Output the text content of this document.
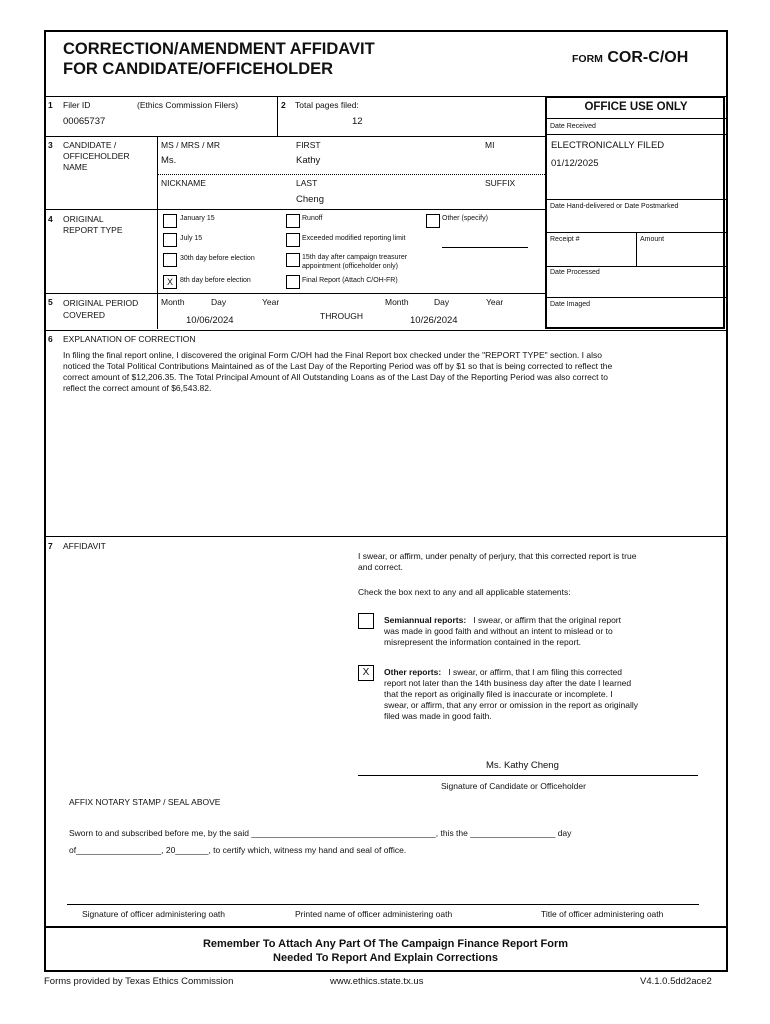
CORRECTION/AMENDMENT AFFIDAVIT
FOR CANDIDATE/OFFICEHOLDER
FORM COR-C/OH
1 Filer ID	(Ethics Commission Filers)
00065737
2 Total pages filed:
12
OFFICE USE ONLY
Date Received
ELECTRONICALLY FILED
01/12/2025
Date Hand-delivered or Date Postmarked
Receipt #	Amount
Date Processed
Date Imaged
3 CANDIDATE /
OFFICEHOLDER
NAME
MS / MRS / MR
Ms.
FIRST
Kathy
MI
NICKNAME	LAST
Cheng
SUFFIX
4 ORIGINAL
REPORT TYPE
January 15
July 15
30th day before election
X	8th day before election
Runoff
Exceeded modified reporting limit
15th day after campaign treasurer
appointment (officeholder only)
Final Report (Attach C/OH-FR)
Other (specify)
5 ORIGINAL PERIOD
COVERED
Month	Day	Year
10/06/2024	THROUGH
Month	Day	Year
10/26/2024
6 EXPLANATION OF CORRECTION
In filing the final report online, I discovered the original Form C/OH had the Final Report box checked under the "REPORT TYPE" section. I also
noticed the Total Political Contributions Maintained as of the Last Day of the Reporting Period was off by $1 so that is being corrected to reflect the
correct amount of $12,206.35. The Total Principal Amount of All Outstanding Loans as of the Last Day of the Reporting Period was also correct to
reflect the correct amount of $6,543.82.
7 AFFIDAVIT
I swear, or affirm, under penalty of perjury, that this corrected report is true
and correct.
Check the box next to any and all applicable statements:
Semiannual reports: I swear, or affirm that the original report
was made in good faith and without an intent to mislead or to
misrepresent the information contained in the report.
X	Other reports: I swear, or affirm, that I am filing this corrected
report not later than the 14th business day after the date I learned
that the report as originally filed is inaccurate or incomplete. I
swear, or affirm, that any error or omission in the report as originally
filed was made in good faith.
Ms. Kathy Cheng
Signature of Candidate or Officeholder
AFFIX NOTARY STAMP / SEAL ABOVE
Sworn to and subscribed before me, by the said _______________________________________, this the __________________ day
of__________________, 20_______, to certify which, witness my hand and seal of office.
Signature of officer administering oath	Printed name of officer administering oath	Title of officer administering oath
Remember To Attach Any Part Of The Campaign Finance Report Form
Needed To Report And Explain Corrections
Forms provided by Texas Ethics Commission	www.ethics.state.tx.us	V4.1.0.5dd2ace2
